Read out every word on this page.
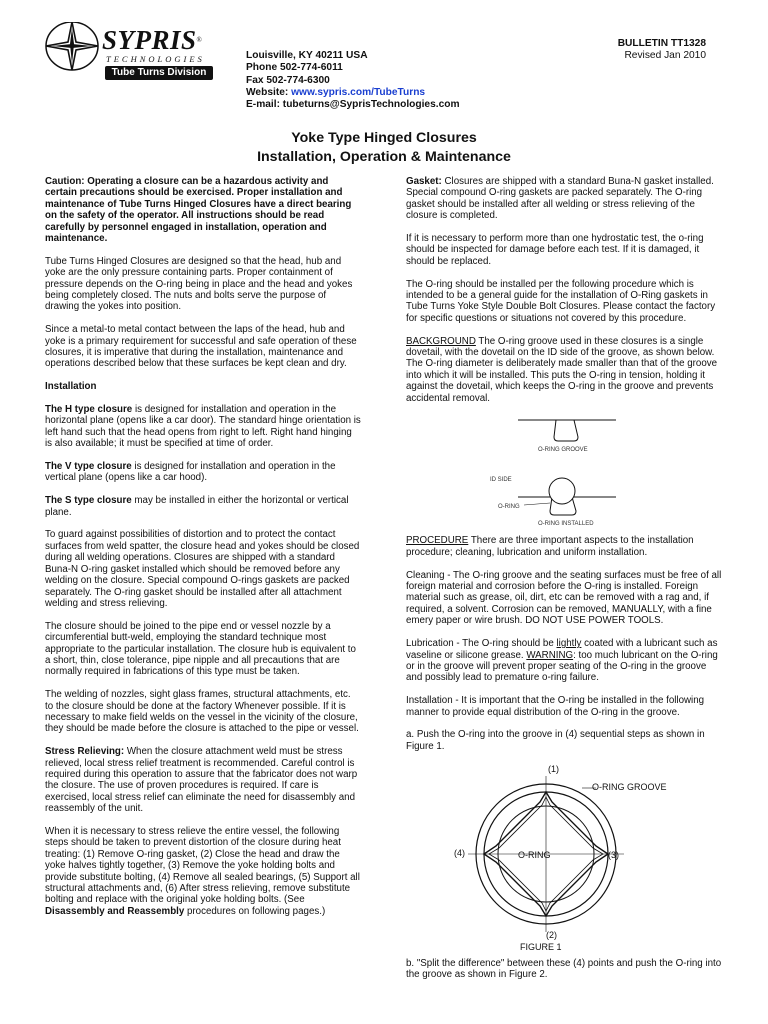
SYPRIS®
TECHNOLOGIES
Tube Turns Division
Louisville, KY 40211 USA
Phone 502-774-6011
Fax 502-774-6300
Website: www.sypris.com/TubeTurns
E-mail: tubeturns@SyprisTechnologies.com
BULLETIN TT1328
Revised Jan 2010
Yoke Type Hinged Closures
Installation, Operation & Maintenance

Caution: Operating a closure can be a hazardous activity and certain precautions should be exercised. Proper installation and maintenance of Tube Turns Hinged Closures have a direct bearing on the safety of the operator. All instructions should be read carefully by personnel engaged in installation, operation and maintenance.

Tube Turns Hinged Closures are designed so that the head, hub and yoke are the only pressure containing parts. Proper containment of pressure depends on the O-ring being in place and the head and yokes being completely closed. The nuts and bolts serve the purpose of drawing the yokes into position.

Since a metal-to metal contact between the laps of the head, hub and yoke is a primary requirement for successful and safe operation of these closures, it is imperative that during the installation, maintenance and operations described below that these surfaces be kept clean and dry.

Installation

The H type closure is designed for installation and operation in the horizontal plane (opens like a car door). The standard hinge orientation is left hand such that the head opens from right to left. Right hand hinging is also available; it must be specified at time of order.

The V type closure is designed for installation and operation in the vertical plane (opens like a car hood).

The S type closure may be installed in either the horizontal or vertical plane.

To guard against possibilities of distortion and to protect the contact surfaces from weld spatter, the closure head and yokes should be closed during all welding operations. Closures are shipped with a standard Buna-N O-ring gasket installed which should be removed before any welding on the closure. Special compound O-rings gaskets are packed separately. The O-ring gasket should be installed after all attachment welding and stress relieving.

The closure should be joined to the pipe end or vessel nozzle by a circumferential butt-weld, employing the standard technique most appropriate to the particular installation. The closure hub is equivalent to a short, thin, close tolerance, pipe nipple and all precautions that are normally required in fabrications of this type must be taken.

The welding of nozzles, sight glass frames, structural attachments, etc. to the closure should be done at the factory Whenever possible. If it is necessary to make field welds on the vessel in the vicinity of the closure, they should be made before the closure is attached to the pipe or vessel.

Stress Relieving: When the closure attachment weld must be stress relieved, local stress relief treatment is recommended. Careful control is required during this operation to assure that the fabricator does not warp the closure. The use of proven procedures is required. If care is exercised, local stress relief can eliminate the need for disassembly and reassembly of the unit.

When it is necessary to stress relieve the entire vessel, the following steps should be taken to prevent distortion of the closure during heat treating: (1) Remove O-ring gasket, (2) Close the head and draw the yoke halves tightly together, (3) Remove the yoke holding bolts and provide substitute bolting, (4) Remove all sealed bearings, (5) Support all structural attachments and, (6) After stress relieving, remove substitute bolting and replace with the original yoke holding bolts. (See Disassembly and Reassembly procedures on following pages.)

Gasket: Closures are shipped with a standard Buna-N gasket installed. Special compound O-ring gaskets are packed separately. The O-ring gasket should be installed after all welding or stress relieving of the closure is completed.

If it is necessary to perform more than one hydrostatic test, the o-ring should be inspected for damage before each test. If it is damaged, it should be replaced.

The O-ring should be installed per the following procedure which is intended to be a general guide for the installation of O-Ring gaskets in Tube Turns Yoke Style Double Bolt Closures. Please contact the factory for specific questions or situations not covered by this procedure.

BACKGROUND The O-ring groove used in these closures is a single dovetail, with the dovetail on the ID side of the groove, as shown below. The O-ring diameter is deliberately made smaller than that of the groove into which it will be installed. This puts the O-ring in tension, holding it against the dovetail, which keeps the O-ring in the groove and prevents accidental removal.

O-RING GROOVE
ID SIDE
O-RING
O-RING INSTALLED

PROCEDURE There are three important aspects to the installation procedure; cleaning, lubrication and uniform installation.

Cleaning - The O-ring groove and the seating surfaces must be free of all foreign material and corrosion before the O-ring is installed. Foreign material such as grease, oil, dirt, etc can be removed with a rag and, if required, a solvent. Corrosion can be removed, MANUALLY, with a fine emery paper or wire brush. DO NOT USE POWER TOOLS.

Lubrication - The O-ring should be lightly coated with a lubricant such as vaseline or silicone grease. WARNING: too much lubricant on the O-ring or in the groove will prevent proper seating of the O-ring in the groove and possibly lead to premature o-ring failure.

Installation - It is important that the O-ring be installed in the following manner to provide equal distribution of the O-ring in the groove.

a. Push the O-ring into the groove in (4) sequential steps as shown in Figure 1.

(1)
O-RING GROOVE
(4)	O-RING	(3)
(2)
FIGURE 1

b. "Split the difference" between these (4) points and push the O-ring into the groove as shown in Figure 2.
